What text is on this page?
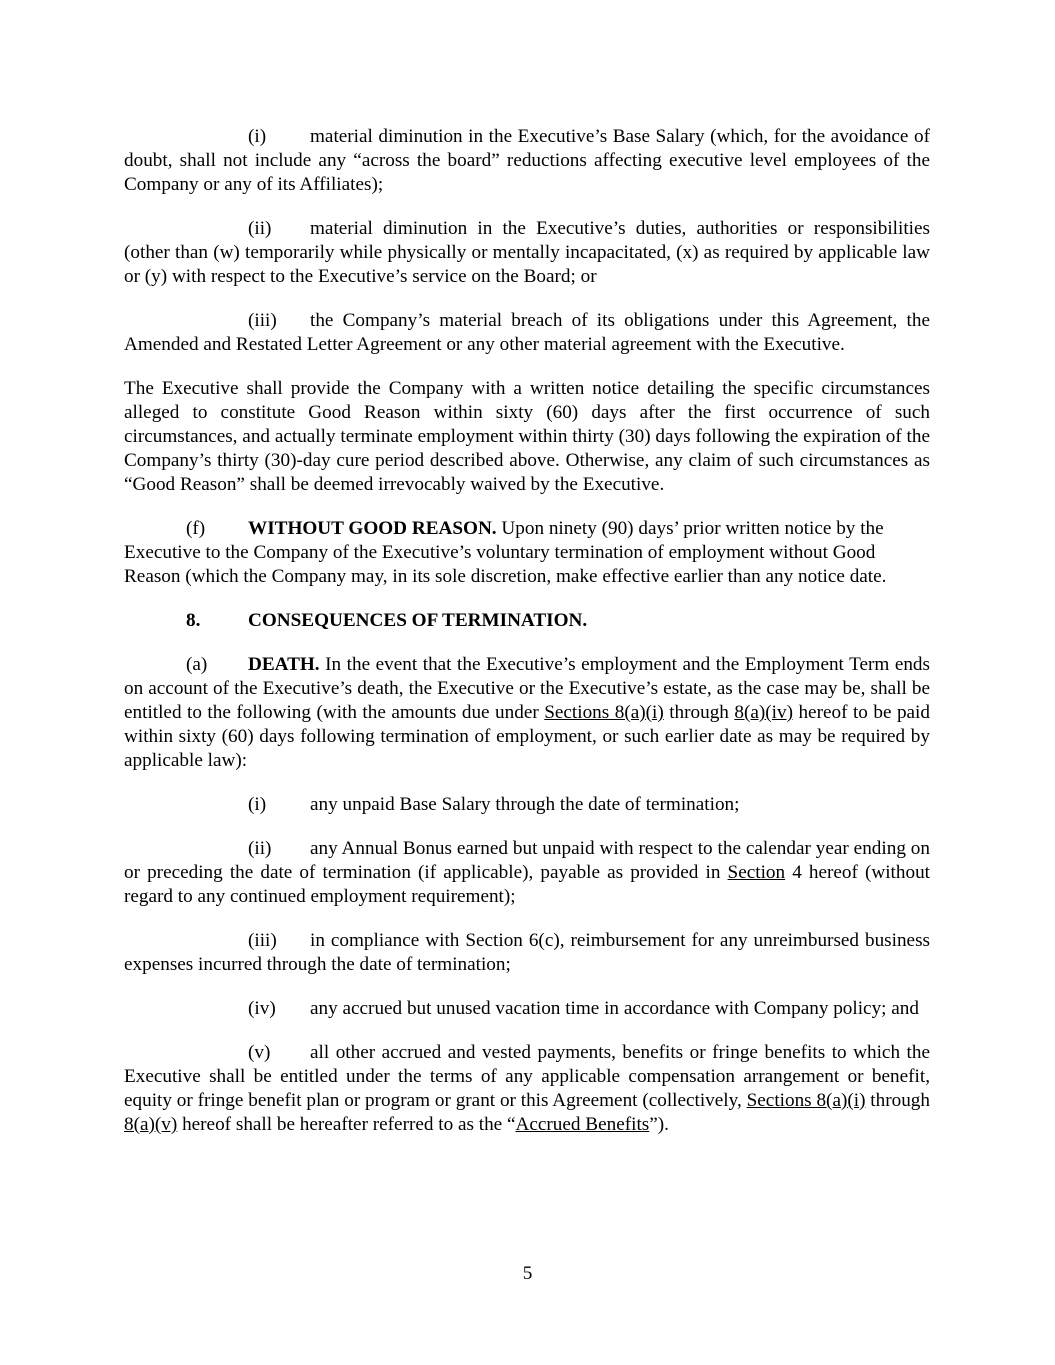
(i) material diminution in the Executive’s Base Salary (which, for the avoidance of doubt, shall not include any “across the board” reductions affecting executive level employees of the Company or any of its Affiliates);

(ii) material diminution in the Executive’s duties, authorities or responsibilities (other than (w) temporarily while physically or mentally incapacitated, (x) as required by applicable law or (y) with respect to the Executive’s service on the Board; or

(iii) the Company’s material breach of its obligations under this Agreement, the Amended and Restated Letter Agreement or any other material agreement with the Executive.

The Executive shall provide the Company with a written notice detailing the specific circumstances alleged to constitute Good Reason within sixty (60) days after the first occurrence of such circumstances, and actually terminate employment within thirty (30) days following the expiration of the Company’s thirty (30)-day cure period described above. Otherwise, any claim of such circumstances as “Good Reason” shall be deemed irrevocably waived by the Executive.

(f) WITHOUT GOOD REASON. Upon ninety (90) days’ prior written notice by the Executive to the Company of the Executive’s voluntary termination of employment without Good Reason (which the Company may, in its sole discretion, make effective earlier than any notice date.

8. CONSEQUENCES OF TERMINATION.

(a) DEATH. In the event that the Executive’s employment and the Employment Term ends on account of the Executive’s death, the Executive or the Executive’s estate, as the case may be, shall be entitled to the following (with the amounts due under Sections 8(a)(i) through 8(a)(iv) hereof to be paid within sixty (60) days following termination of employment, or such earlier date as may be required by applicable law):

(i) any unpaid Base Salary through the date of termination;

(ii) any Annual Bonus earned but unpaid with respect to the calendar year ending on or preceding the date of termination (if applicable), payable as provided in Section 4 hereof (without regard to any continued employment requirement);

(iii) in compliance with Section 6(c), reimbursement for any unreimbursed business expenses incurred through the date of termination;

(iv) any accrued but unused vacation time in accordance with Company policy; and

(v) all other accrued and vested payments, benefits or fringe benefits to which the Executive shall be entitled under the terms of any applicable compensation arrangement or benefit, equity or fringe benefit plan or program or grant or this Agreement (collectively, Sections 8(a)(i) through 8(a)(v) hereof shall be hereafter referred to as the “Accrued Benefits”).

5
